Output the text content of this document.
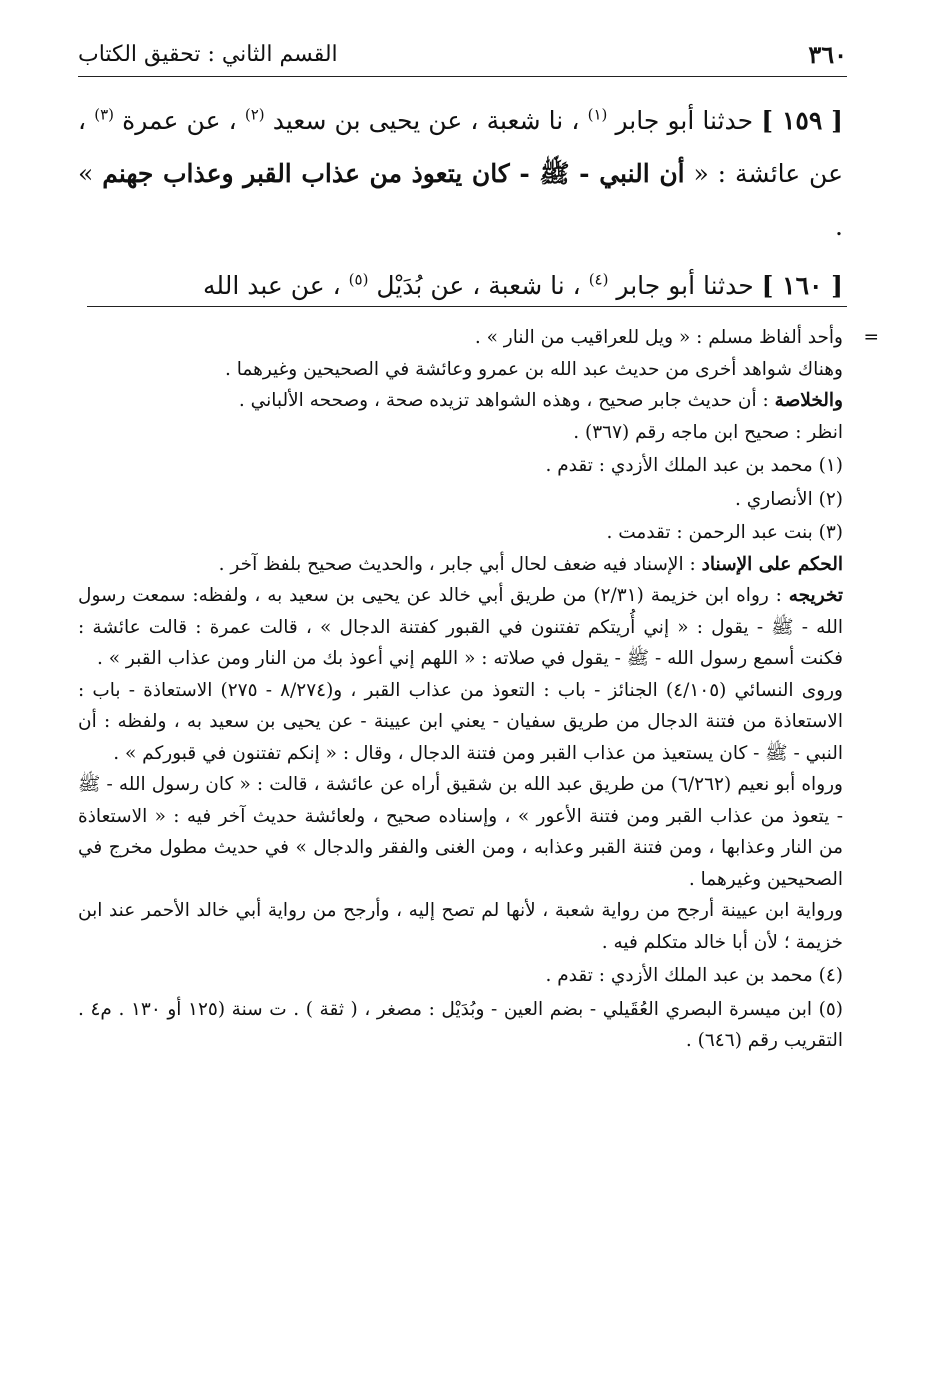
٣٦٠
القسم الثاني : تحقيق الكتاب

[ ١٥٩ ] حدثنا أبو جابر $^{(١)}$ ، نا شعبة ، عن يحيى بن سعيد $^{(٢)}$ ، عن عمرة $^{(٣)}$ ، عن عائشة : « أن النبي - ﷺ - كان يتعوذ من عذاب القبر وعذاب جهنم » .

[ ١٦٠ ] حدثنا أبو جابر $^{(٤)}$ ، نا شعبة ، عن بُدَيْل $^{(٥)}$ ، عن عبد الله

=
وأحد ألفاظ مسلم : « ويل للعراقيب من النار » .

وهناك شواهد أخرى من حديث عبد الله بن عمرو وعائشة في الصحيحين وغيرهما .

والخلاصة : أن حديث جابر صحيح ، وهذه الشواهد تزيده صحة ، وصححه الألباني .

انظر : صحيح ابن ماجه رقم (٣٦٧) .

(١) محمد بن عبد الملك الأزدي : تقدم .

(٢) الأنصاري .

(٣) بنت عبد الرحمن : تقدمت .

الحكم على الإسناد : الإسناد فيه ضعف لحال أبي جابر ، والحديث صحيح بلفظ آخر .

تخريجه : رواه ابن خزيمة (٢/٣١) من طريق أبي خالد عن يحيى بن سعيد به ، ولفظه: سمعت رسول الله - ﷺ - يقول : « إني أُريتكم تفتنون في القبور كفتنة الدجال » ، قالت عمرة : قالت عائشة : فكنت أسمع رسول الله - ﷺ - يقول في صلاته : « اللهم إني أعوذ بك من النار ومن عذاب القبر » .

وروى النسائي (٤/١٠٥) الجنائز - باب : التعوذ من عذاب القبر ، و(٨/٢٧٤ - ٢٧٥) الاستعاذة - باب : الاستعاذة من فتنة الدجال من طريق سفيان - يعني ابن عيينة - عن يحيى بن سعيد به ، ولفظه : أن النبي - ﷺ - كان يستعيذ من عذاب القبر ومن فتنة الدجال ، وقال : « إنكم تفتنون في قبوركم » .

ورواه أبو نعيم (٦/٢٦٢) من طريق عبد الله بن شقيق أراه عن عائشة ، قالت : « كان رسول الله - ﷺ - يتعوذ من عذاب القبر ومن فتنة الأعور » ، وإسناده صحيح ، ولعائشة حديث آخر فيه : « الاستعاذة من النار وعذابها ، ومن فتنة القبر وعذابه ، ومن الغنى والفقر والدجال » في حديث مطول مخرج في الصحيحين وغيرهما .

ورواية ابن عيينة أرجح من رواية شعبة ، لأنها لم تصح إليه ، وأرجح من رواية أبي خالد الأحمر عند ابن خزيمة ؛ لأن أبا خالد متكلم فيه .

(٤) محمد بن عبد الملك الأزدي : تقدم .

(٥) ابن ميسرة البصري العُقَيلي - بضم العين - وبُدَيْل : مصغر ، ( ثقة ) . ت سنة (١٢٥ أو ١٣٠ . م٤ . التقريب رقم (٦٤٦) .
